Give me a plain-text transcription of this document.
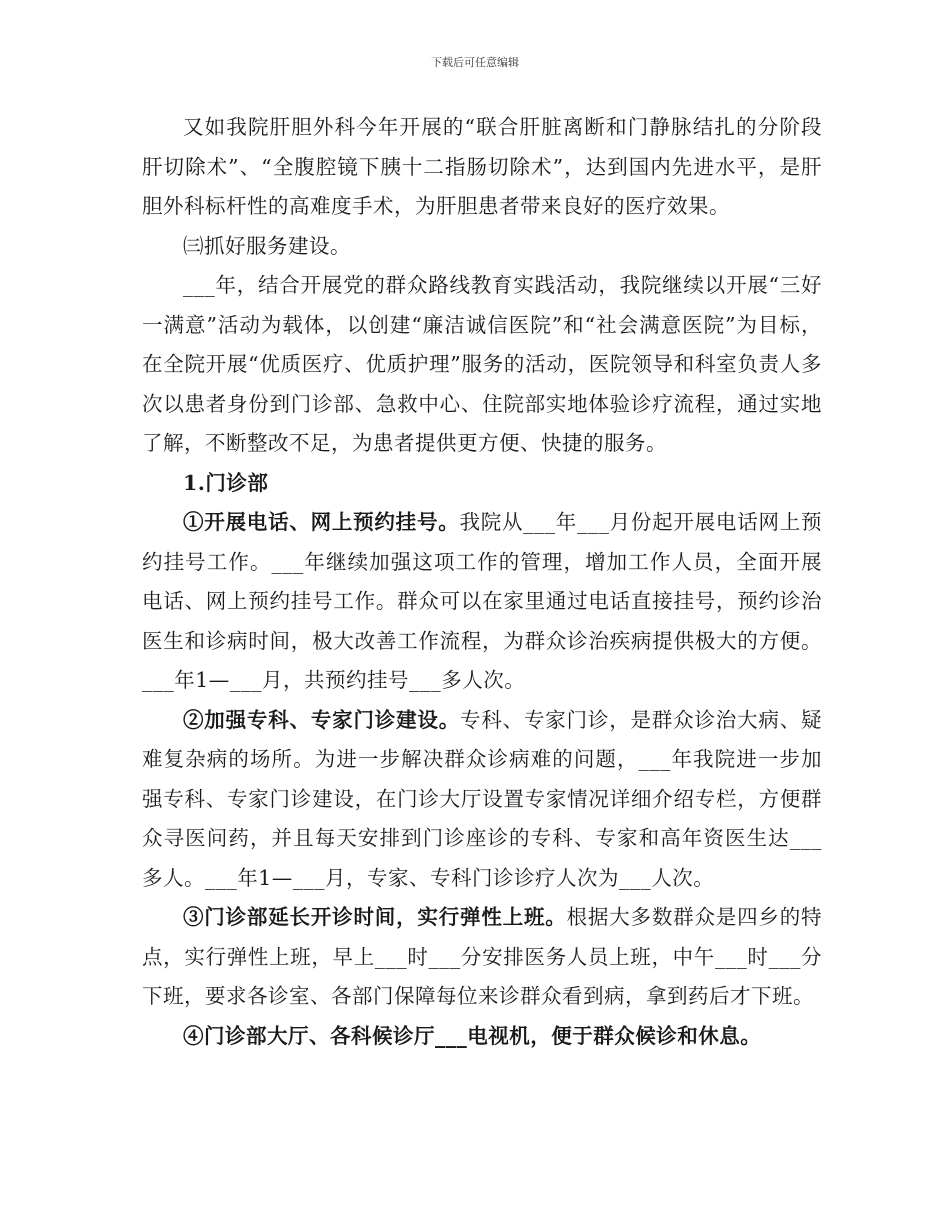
下载后可任意编辑

又如我院肝胆外科今年开展的“联合肝脏离断和门静脉结扎的分阶段肝切除术”、“全腹腔镜下胰十二指肠切除术”，达到国内先进水平，是肝胆外科标杆性的高难度手术，为肝胆患者带来良好的医疗效果。

㈢抓好服务建设。

___年，结合开展党的群众路线教育实践活动，我院继续以开展“三好一满意”活动为载体，以创建“廉洁诚信医院”和“社会满意医院”为目标，在全院开展“优质医疗、优质护理”服务的活动，医院领导和科室负责人多次以患者身份到门诊部、急救中心、住院部实地体验诊疗流程，通过实地了解，不断整改不足，为患者提供更方便、快捷的服务。

1.门诊部

①开展电话、网上预约挂号。我院从___年___月份起开展电话网上预约挂号工作。___年继续加强这项工作的管理，增加工作人员，全面开展电话、网上预约挂号工作。群众可以在家里通过电话直接挂号，预约诊治医生和诊病时间，极大改善工作流程，为群众诊治疾病提供极大的方便。___年1—___月，共预约挂号___多人次。

②加强专科、专家门诊建设。专科、专家门诊，是群众诊治大病、疑难复杂病的场所。为进一步解决群众诊病难的问题，___年我院进一步加强专科、专家门诊建设，在门诊大厅设置专家情况详细介绍专栏，方便群众寻医问药，并且每天安排到门诊座诊的专科、专家和高年资医生达___多人。___年1—___月，专家、专科门诊诊疗人次为___人次。

③门诊部延长开诊时间，实行弹性上班。根据大多数群众是四乡的特点，实行弹性上班，早上___时___分安排医务人员上班，中午___时___分下班，要求各诊室、各部门保障每位来诊群众看到病，拿到药后才下班。

④门诊部大厅、各科候诊厅___电视机，便于群众候诊和休息。
